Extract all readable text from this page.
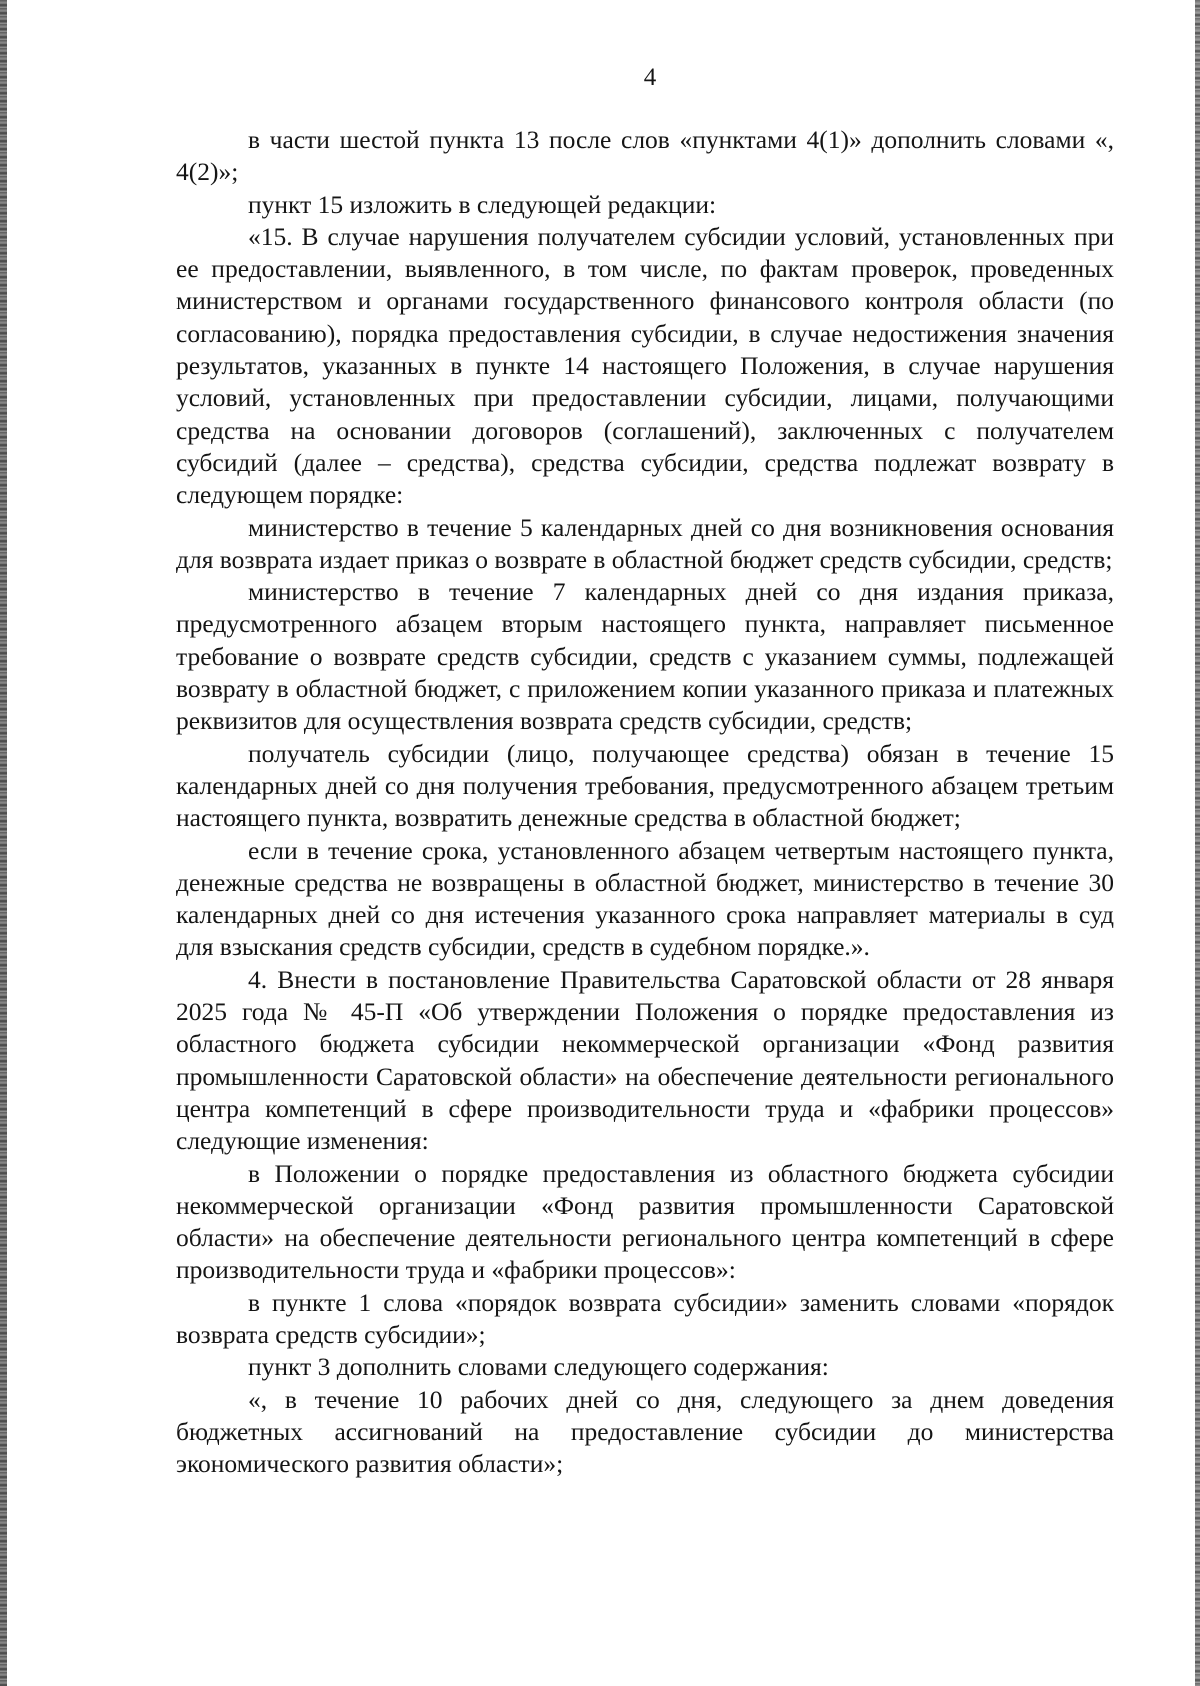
4

в части шестой пункта 13 после слов «пунктами 4(1)» дополнить словами «, 4(2)»;

пункт 15 изложить в следующей редакции:

«15. В случае нарушения получателем субсидии условий, установленных при ее предоставлении, выявленного, в том числе, по фактам проверок, проведенных министерством и органами государственного финансового контроля области (по согласованию), порядка предоставления субсидии, в случае недостижения значения результатов, указанных в пункте 14 настоящего Положения, в случае нарушения условий, установленных при предоставлении субсидии, лицами, получающими средства на основании договоров (соглашений), заключенных с получателем субсидий (далее – средства), средства субсидии, средства подлежат возврату в следующем порядке:

министерство в течение 5 календарных дней со дня возникновения основания для возврата издает приказ о возврате в областной бюджет средств субсидии, средств;

министерство в течение 7 календарных дней со дня издания приказа, предусмотренного абзацем вторым настоящего пункта, направляет письменное требование о возврате средств субсидии, средств с указанием суммы, подлежащей возврату в областной бюджет, с приложением копии указанного приказа и платежных реквизитов для осуществления возврата средств субсидии, средств;

получатель субсидии (лицо, получающее средства) обязан в течение 15 календарных дней со дня получения требования, предусмотренного абзацем третьим настоящего пункта, возвратить денежные средства в областной бюджет;

если в течение срока, установленного абзацем четвертым настоящего пункта, денежные средства не возвращены в областной бюджет, министерство в течение 30 календарных дней со дня истечения указанного срока направляет материалы в суд для взыскания средств субсидии, средств в судебном порядке.».

4. Внести в постановление Правительства Саратовской области от 28 января 2025 года № 45-П «Об утверждении Положения о порядке предоставления из областного бюджета субсидии некоммерческой организации «Фонд развития промышленности Саратовской области» на обеспечение деятельности регионального центра компетенций в сфере производительности труда и «фабрики процессов» следующие изменения:

в Положении о порядке предоставления из областного бюджета субсидии некоммерческой организации «Фонд развития промышленности Саратовской области» на обеспечение деятельности регионального центра компетенций в сфере производительности труда и «фабрики процессов»:

в пункте 1 слова «порядок возврата субсидии» заменить словами «порядок возврата средств субсидии»;

пункт 3 дополнить словами следующего содержания:

«, в течение 10 рабочих дней со дня, следующего за днем доведения бюджетных ассигнований на предоставление субсидии до министерства экономического развития области»;
